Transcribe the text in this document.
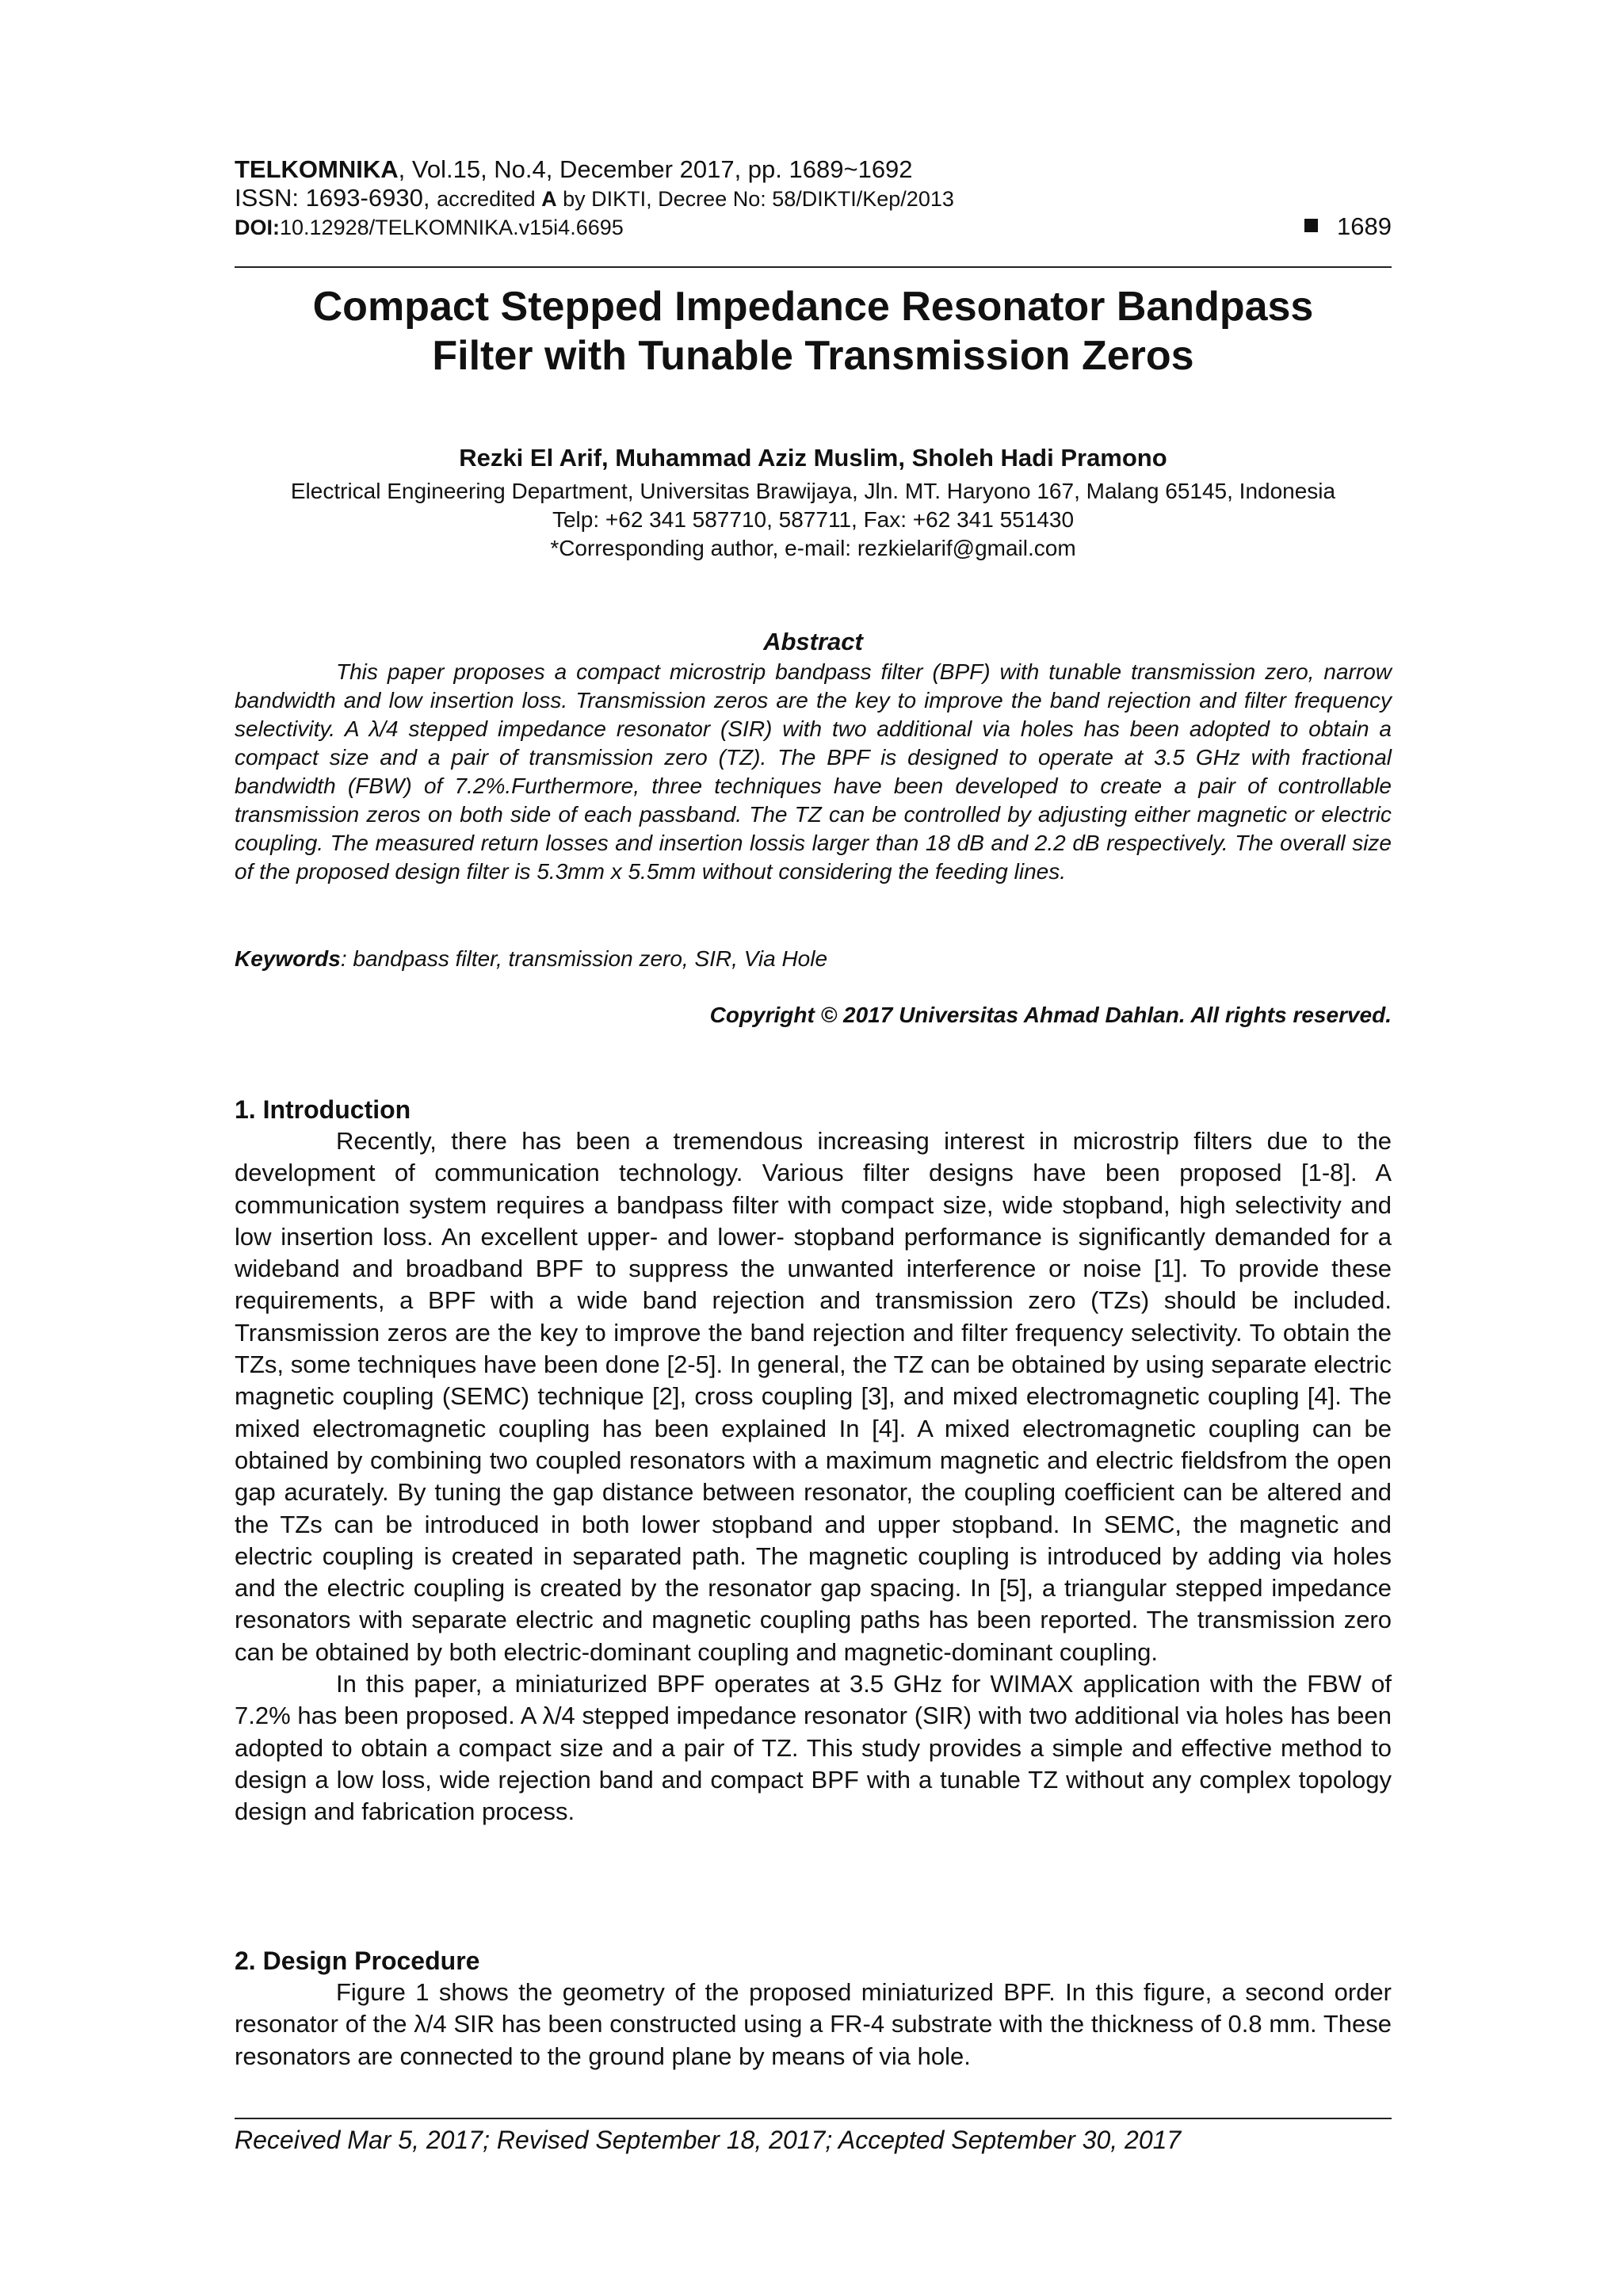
TELKOMNIKA, Vol.15, No.4, December 2017, pp. 1689~1692
ISSN: 1693-6930, accredited A by DIKTI, Decree No: 58/DIKTI/Kep/2013
DOI:10.12928/TELKOMNIKA.v15i4.6695	1689
Compact Stepped Impedance Resonator Bandpass
Filter with Tunable Transmission Zeros
Rezki El Arif, Muhammad Aziz Muslim, Sholeh Hadi Pramono
Electrical Engineering Department, Universitas Brawijaya, Jln. MT. Haryono 167, Malang 65145, Indonesia
Telp: +62 341 587710, 587711, Fax: +62 341 551430
*Corresponding author, e-mail: rezkielarif@gmail.com
Abstract
This paper proposes a compact microstrip bandpass filter (BPF) with tunable transmission zero, narrow bandwidth and low insertion loss. Transmission zeros are the key to improve the band rejection and filter frequency selectivity. A λ/4 stepped impedance resonator (SIR) with two additional via holes has been adopted to obtain a compact size and a pair of transmission zero (TZ). The BPF is designed to operate at 3.5 GHz with fractional bandwidth (FBW) of 7.2%.Furthermore, three techniques have been developed to create a pair of controllable transmission zeros on both side of each passband. The TZ can be controlled by adjusting either magnetic or electric coupling. The measured return losses and insertion lossis larger than 18 dB and 2.2 dB respectively. The overall size of the proposed design filter is 5.3mm x 5.5mm without considering the feeding lines.
Keywords: bandpass filter, transmission zero, SIR, Via Hole
Copyright © 2017 Universitas Ahmad Dahlan. All rights reserved.
1. Introduction

Recently, there has been a tremendous increasing interest in microstrip filters due to the development of communication technology. Various filter designs have been proposed [1-8]. A communication system requires a bandpass filter with compact size, wide stopband, high selectivity and low insertion loss. An excellent upper- and lower- stopband performance is significantly demanded for a wideband and broadband BPF to suppress the unwanted interference or noise [1]. To provide these requirements, a BPF with a wide band rejection and transmission zero (TZs) should be included. Transmission zeros are the key to improve the band rejection and filter frequency selectivity. To obtain the TZs, some techniques have been done [2-5]. In general, the TZ can be obtained by using separate electric magnetic coupling (SEMC) technique [2], cross coupling [3], and mixed electromagnetic coupling [4]. The mixed electromagnetic coupling has been explained In [4]. A mixed electromagnetic coupling can be obtained by combining two coupled resonators with a maximum magnetic and electric fieldsfrom the open gap acurately. By tuning the gap distance between resonator, the coupling coefficient can be altered and the TZs can be introduced in both lower stopband and upper stopband. In SEMC, the magnetic and electric coupling is created in separated path. The magnetic coupling is introduced by adding via holes and the electric coupling is created by the resonator gap spacing. In [5], a triangular stepped impedance resonators with separate electric and magnetic coupling paths has been reported. The transmission zero can be obtained by both electric-dominant coupling and magnetic-dominant coupling.

In this paper, a miniaturized BPF operates at 3.5 GHz for WIMAX application with the FBW of 7.2% has been proposed. A λ/4 stepped impedance resonator (SIR) with two additional via holes has been adopted to obtain a compact size and a pair of TZ. This study provides a simple and effective method to design a low loss, wide rejection band and compact BPF with a tunable TZ without any complex topology design and fabrication process.

2. Design Procedure

Figure 1 shows the geometry of the proposed miniaturized BPF. In this figure, a second order resonator of the λ/4 SIR has been constructed using a FR-4 substrate with the thickness of 0.8 mm. These resonators are connected to the ground plane by means of via hole.

Received Mar 5, 2017; Revised September 18, 2017; Accepted September 30, 2017
